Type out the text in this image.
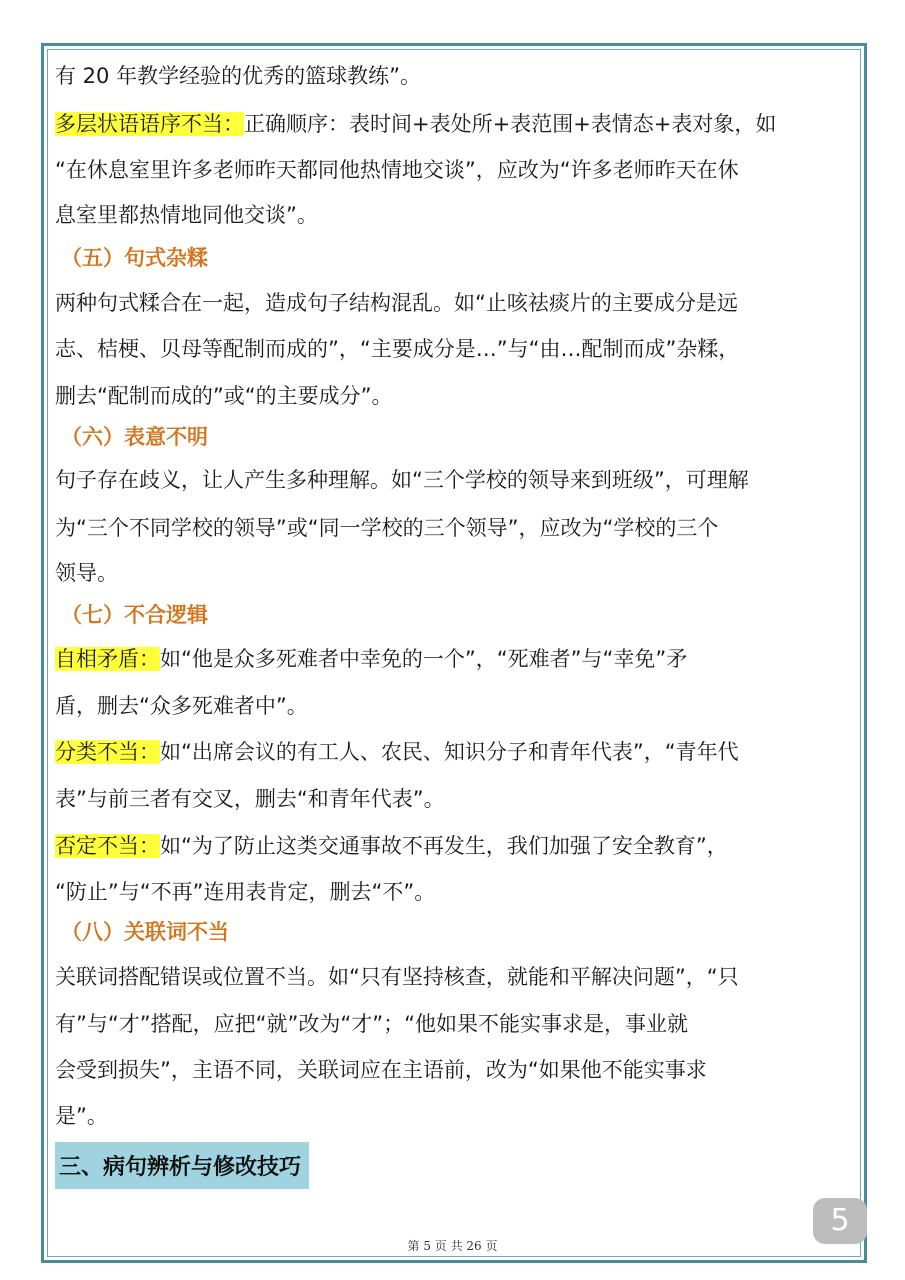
有 20 年教学经验的优秀的篮球教练”。
多层状语语序不当：正确顺序：表时间+表处所+表范围+表情态+表对象，如
“在休息室里许多老师昨天都同他热情地交谈”，应改为“许多老师昨天在休
息室里都热情地同他交谈”。
（五）句式杂糅
两种句式糅合在一起，造成句子结构混乱。如“止咳祛痰片的主要成分是远
志、桔梗、贝母等配制而成的”，“主要成分是…”与“由…配制而成”杂糅，
删去“配制而成的”或“的主要成分”。
（六）表意不明
句子存在歧义，让人产生多种理解。如“三个学校的领导来到班级”，可理解
为“三个不同学校的领导”或“同一学校的三个领导”，应改为“学校的三个
领导。
（七）不合逻辑
自相矛盾：如“他是众多死难者中幸免的一个”，“死难者”与“幸免”矛
盾，删去“众多死难者中”。
分类不当：如“出席会议的有工人、农民、知识分子和青年代表”，“青年代
表”与前三者有交叉，删去“和青年代表”。
否定不当：如“为了防止这类交通事故不再发生，我们加强了安全教育”，
“防止”与“不再”连用表肯定，删去“不”。
（八）关联词不当
关联词搭配错误或位置不当。如“只有坚持核查，就能和平解决问题”，“只
有”与“才”搭配，应把“就”改为“才”；“他如果不能实事求是，事业就
会受到损失”，主语不同，关联词应在主语前，改为“如果他不能实事求
是”。
三、病句辨析与修改技巧
第 5 页 共 26 页
5
